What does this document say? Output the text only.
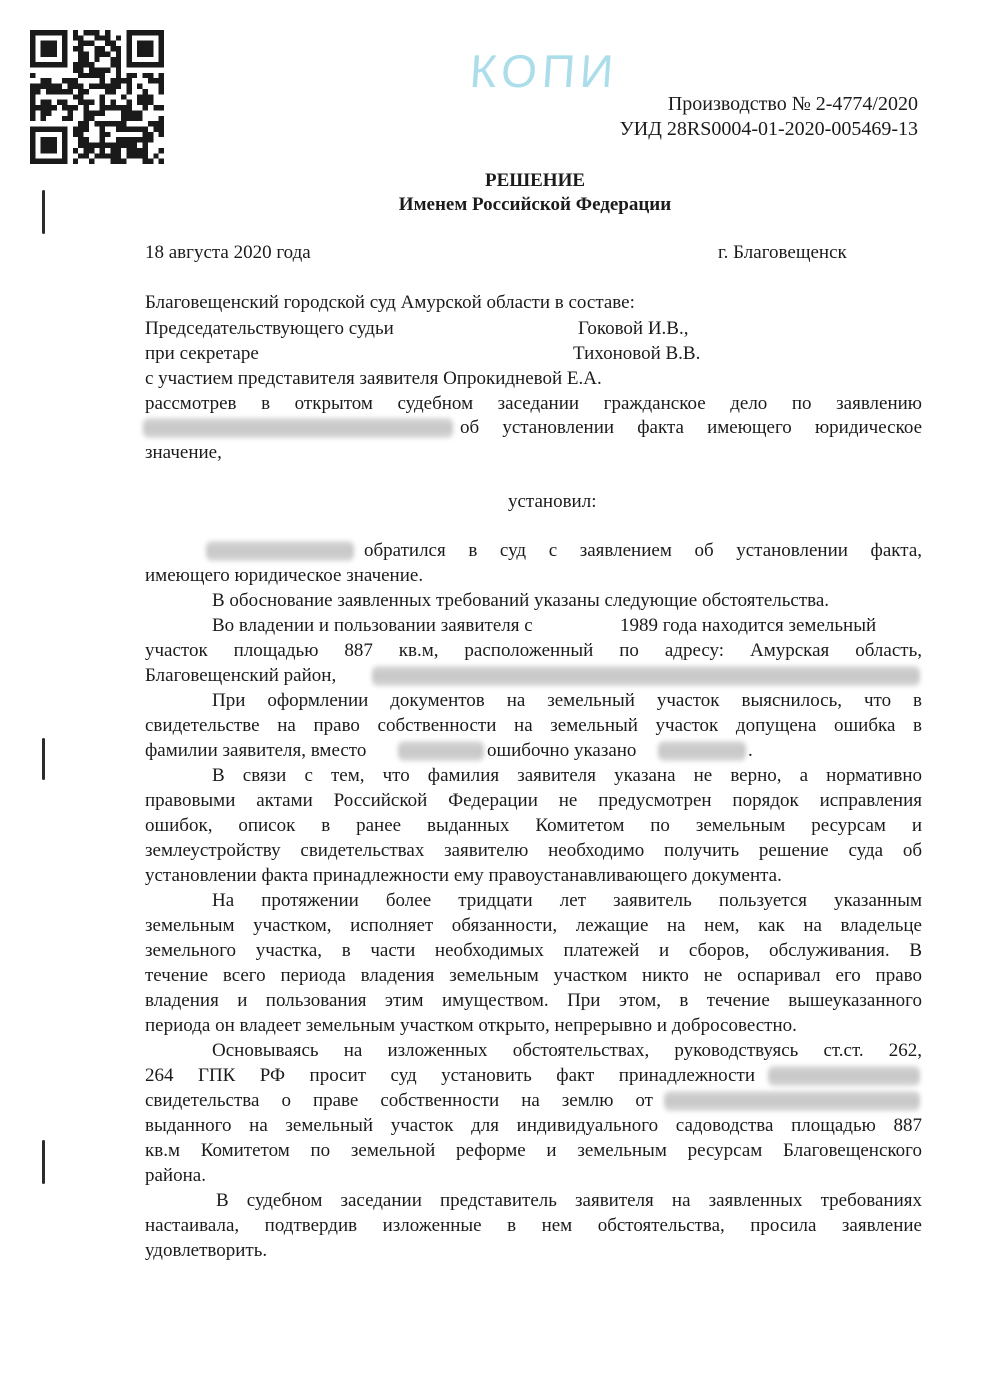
КОПИ
Производство № 2-4774/2020
УИД 28RS0004-01-2020-005469-13
РЕШЕНИЕ
Именем Российской Федерации
18 августа 2020 года	г. Благовещенск
Благовещенский городской суд Амурской области в составе:
Председательствующего судьи	Гоковой И.В.,
при секретаре	Тихоновой В.В.
с участием представителя заявителя Опрокидневой Е.А.
рассмотрев в открытом судебном заседании гражданское дело по заявлению
об установлении факта имеющего юридическое
значение,
установил:
обратился в суд с заявлением об установлении факта,
имеющего юридическое значение.
В обоснование заявленных требований указаны следующие обстоятельства.
Во владении и пользовании заявителя с	1989 года находится земельный
участок площадью 887 кв.м, расположенный по адресу: Амурская область,
Благовещенский район,
При оформлении документов на земельный участок выяснилось, что в
свидетельстве на право собственности на земельный участок допущена ошибка в
фамилии заявителя, вместо	ошибочно указано	.
В связи с тем, что фамилия заявителя указана не верно, а нормативно
правовыми актами Российской Федерации не предусмотрен порядок исправления
ошибок, описок в ранее выданных Комитетом по земельным ресурсам и
землеустройству свидетельствах заявителю необходимо получить решение суда об
установлении факта принадлежности ему правоустанавливающего документа.
На протяжении более тридцати лет заявитель пользуется указанным
земельным участком, исполняет обязанности, лежащие на нем, как на владельце
земельного участка, в части необходимых платежей и сборов, обслуживания. В
течение всего периода владения земельным участком никто не оспаривал его право
владения и пользования этим имуществом. При этом, в течение вышеуказанного
периода он владеет земельным участком открыто, непрерывно и добросовестно.
Основываясь на изложенных обстоятельствах, руководствуясь ст.ст. 262,
264 ГПК РФ просит суд установить факт принадлежности
свидетельства о праве собственности на землю от
выданного на земельный участок для индивидуального садоводства площадью 887
кв.м Комитетом по земельной реформе и земельным ресурсам Благовещенского
района.
В судебном заседании представитель заявителя на заявленных требованиях
настаивала, подтвердив изложенные в нем обстоятельства, просила заявление
удовлетворить.
